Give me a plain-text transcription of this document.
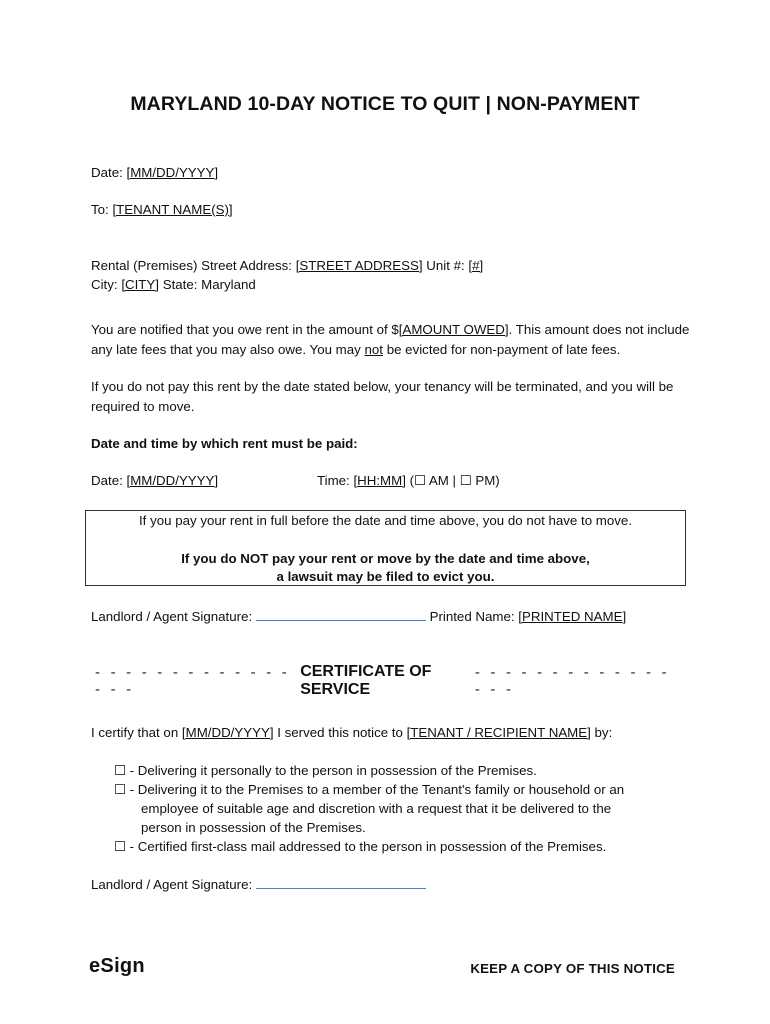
MARYLAND 10-DAY NOTICE TO QUIT | NON-PAYMENT
Date: [MM/DD/YYYY]
To: [TENANT NAME(S)]
Rental (Premises) Street Address: [STREET ADDRESS] Unit #: [#]
City: [CITY] State: Maryland
You are notified that you owe rent in the amount of $[AMOUNT OWED]. This amount does not include any late fees that you may also owe. You may not be evicted for non-payment of late fees.
If you do not pay this rent by the date stated below, your tenancy will be terminated, and you will be required to move.
Date and time by which rent must be paid:
Date: [MM/DD/YYYY]	Time: [HH:MM] (☐ AM | ☐ PM)
If you pay your rent in full before the date and time above, you do not have to move.
If you do NOT pay your rent or move by the date and time above,
a lawsuit may be filed to evict you.
Landlord / Agent Signature:	Printed Name: [PRINTED NAME]
- - - - - - - - - - - - - - - -
CERTIFICATE OF SERVICE
- - - - - - - - - - - - - - - -
I certify that on [MM/DD/YYYY] I served this notice to [TENANT / RECIPIENT NAME] by:
☐ - Delivering it personally to the person in possession of the Premises.
☐ - Delivering it to the Premises to a member of the Tenant's family or household or an
employee of suitable age and discretion with a request that it be delivered to the
person in possession of the Premises.
☐ - Certified first-class mail addressed to the person in possession of the Premises.
Landlord / Agent Signature:
eSign	KEEP A COPY OF THIS NOTICE
